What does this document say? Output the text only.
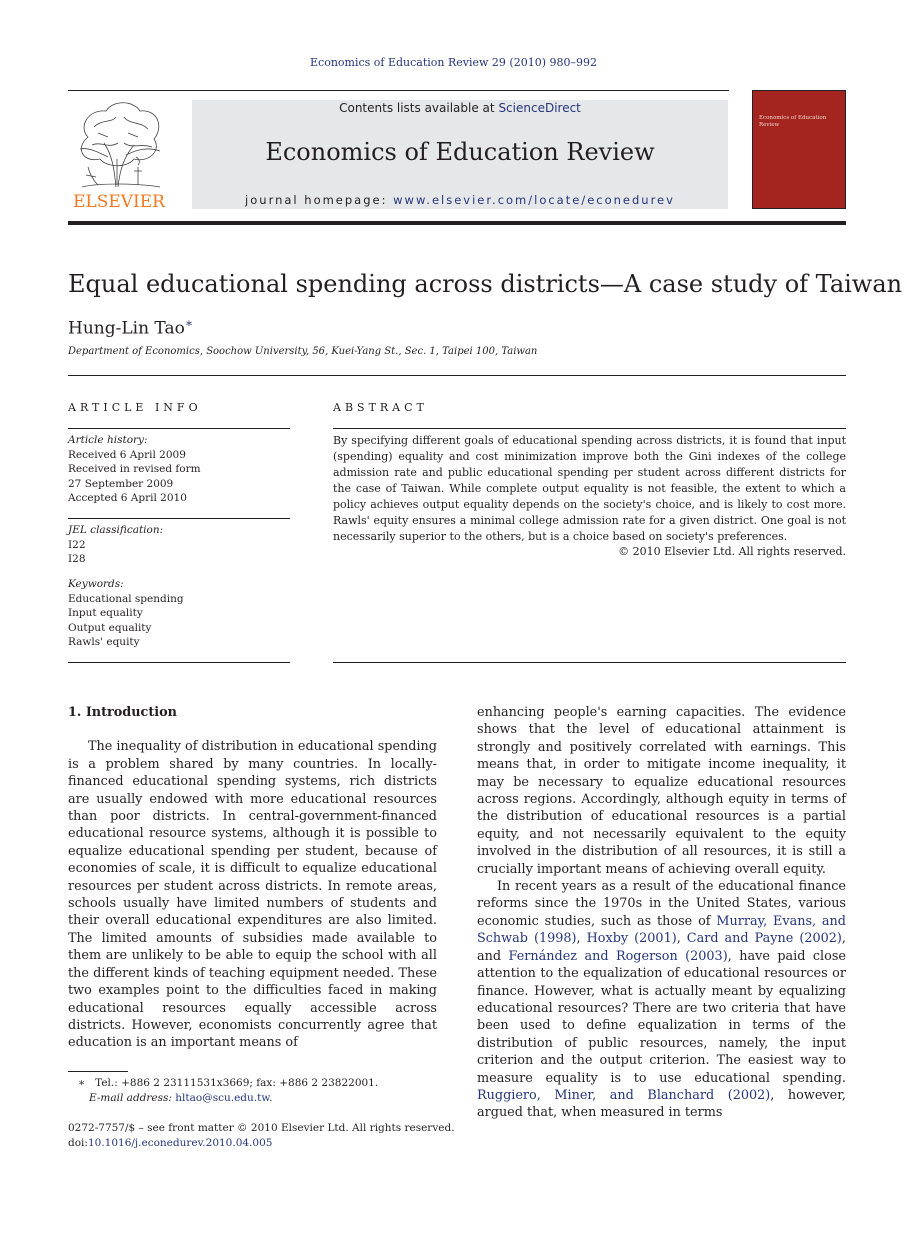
Economics of Education Review 29 (2010) 980–992
ELSEVIER
Contents lists available at ScienceDirect
Economics of Education Review
journal homepage: www.elsevier.com/locate/econedurev
Economics of Education Review
Equal educational spending across districts—A case study of Taiwan
Hung-Lin Tao∗
Department of Economics, Soochow University, 56, Kuei-Yang St., Sec. 1, Taipei 100, Taiwan
ARTICLE INFO
Article history:
Received 6 April 2009
Received in revised form
27 September 2009
Accepted 6 April 2010
JEL classification:
I22
I28
Keywords:
Educational spending
Input equality
Output equality
Rawls' equity
ABSTRACT
By specifying different goals of educational spending across districts, it is found that input (spending) equality and cost minimization improve both the Gini indexes of the college admission rate and public educational spending per student across different districts for the case of Taiwan. While complete output equality is not feasible, the extent to which a policy achieves output equality depends on the society's choice, and is likely to cost more. Rawls' equity ensures a minimal college admission rate for a given district. One goal is not necessarily superior to the others, but is a choice based on society's preferences.
© 2010 Elsevier Ltd. All rights reserved.

1. Introduction

The inequality of distribution in educational spending is a problem shared by many countries. In locally-financed educational spending systems, rich districts are usually endowed with more educational resources than poor districts. In central-government-financed educational resource systems, although it is possible to equalize educational spending per student, because of economies of scale, it is difficult to equalize educational resources per student across districts. In remote areas, schools usually have limited numbers of students and their overall educational expenditures are also limited. The limited amounts of subsidies made available to them are unlikely to be able to equip the school with all the different kinds of teaching equipment needed. These two examples point to the difficulties faced in making educational resources equally accessible across districts. However, economists concurrently agree that education is an important means of

enhancing people's earning capacities. The evidence shows that the level of educational attainment is strongly and positively correlated with earnings. This means that, in order to mitigate income inequality, it may be necessary to equalize educational resources across regions. Accordingly, although equity in terms of the distribution of educational resources is a partial equity, and not necessarily equivalent to the equity involved in the distribution of all resources, it is still a crucially important means of achieving overall equity.

In recent years as a result of the educational finance reforms since the 1970s in the United States, various economic studies, such as those of Murray, Evans, and Schwab (1998), Hoxby (2001), Card and Payne (2002), and Fernández and Rogerson (2003), have paid close attention to the equalization of educational resources or finance. However, what is actually meant by equalizing educational resources? There are two criteria that have been used to define equalization in terms of the distribution of public resources, namely, the input criterion and the output criterion. The easiest way to measure equality is to use educational spending. Ruggiero, Miner, and Blanchard (2002), however, argued that, when measured in terms

∗ Tel.: +886 2 23111531x3669; fax: +886 2 23822001.
E-mail address: hltao@scu.edu.tw.
0272-7757/$ – see front matter © 2010 Elsevier Ltd. All rights reserved.
doi:10.1016/j.econedurev.2010.04.005
